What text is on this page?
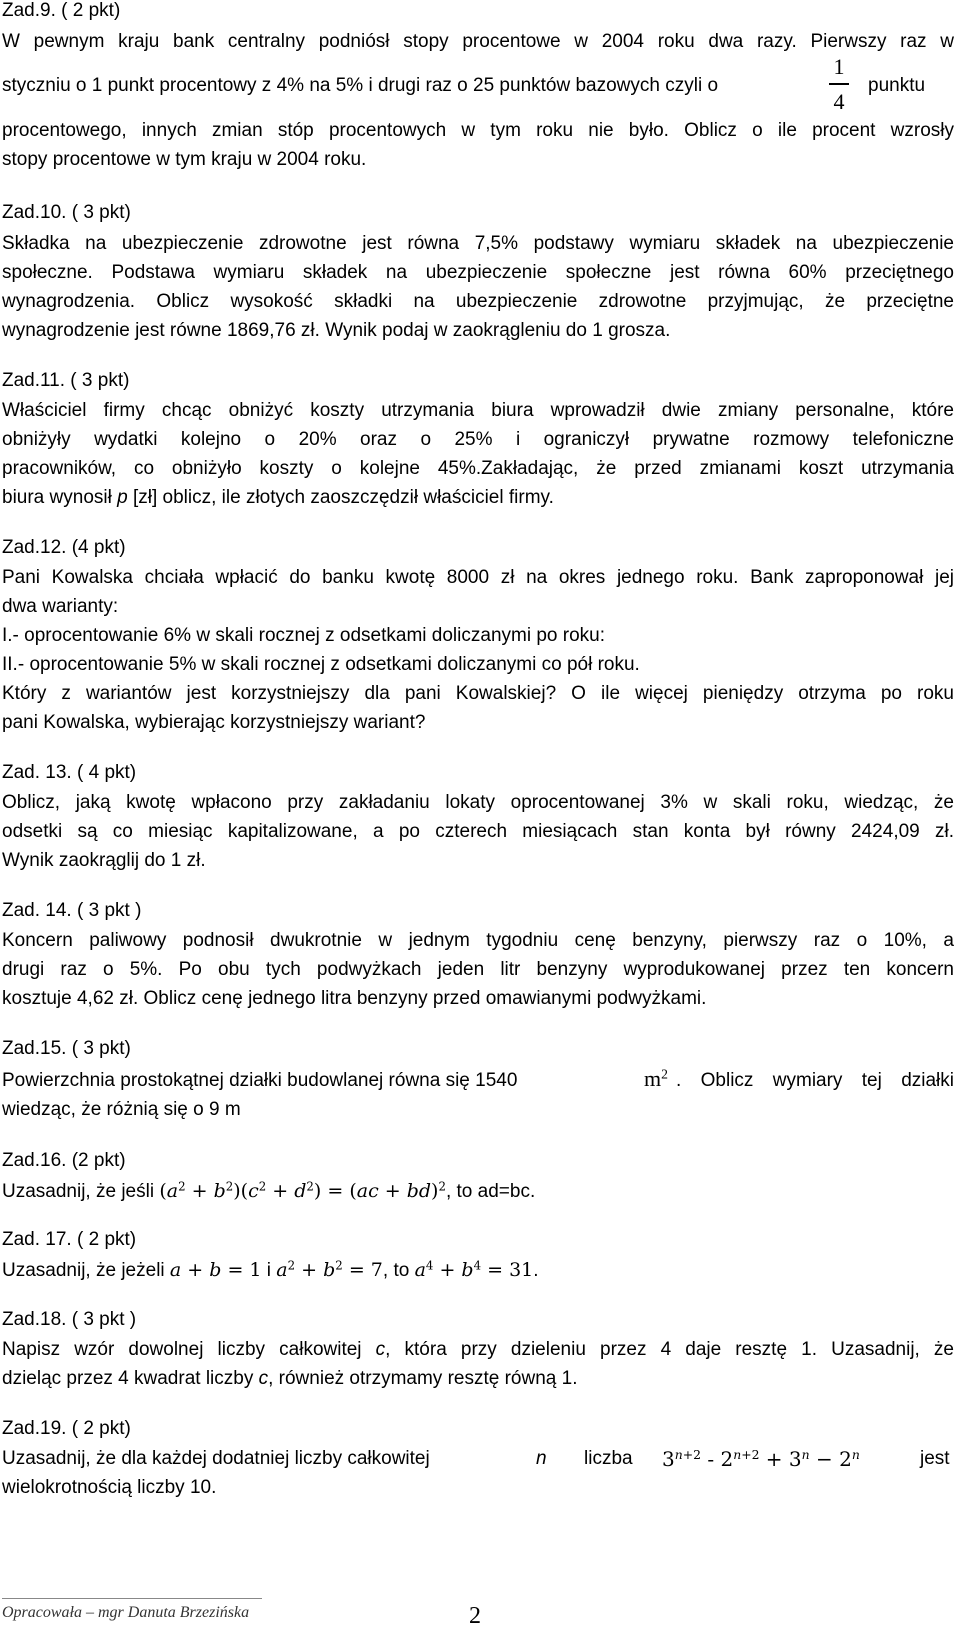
Zad.9. ( 2 pkt)
W pewnym kraju bank centralny podniósł stopy procentowe w 2004 roku dwa razy. Pierwszy raz w
styczniu o 1 punkt procentowy z 4% na 5% i drugi raz o 25 punktów bazowych czyli o
1
4
punktu
procentowego, innych zmian stóp procentowych w tym roku nie było. Oblicz o ile procent wzrosły
stopy procentowe w tym kraju w 2004 roku.
Zad.10. ( 3 pkt)
Składka na ubezpieczenie zdrowotne jest równa 7,5% podstawy wymiaru składek na ubezpieczenie
społeczne. Podstawa wymiaru składek na ubezpieczenie społeczne jest równa 60% przeciętnego
wynagrodzenia. Oblicz wysokość składki na ubezpieczenie zdrowotne przyjmując, że przeciętne
wynagrodzenie jest równe 1869,76 zł. Wynik podaj w zaokrągleniu do 1 grosza.
Zad.11. ( 3 pkt)
Właściciel firmy chcąc obniżyć koszty utrzymania biura wprowadził dwie zmiany personalne, które
obniżyły wydatki kolejno o 20% oraz o 25% i ograniczył prywatne rozmowy telefoniczne
pracowników, co obniżyło koszty o kolejne 45%.Zakładając, że przed zmianami koszt utrzymania
biura wynosił p [zł] oblicz, ile złotych zaoszczędził właściciel firmy.
Zad.12. (4 pkt)
Pani Kowalska chciała wpłacić do banku kwotę 8000 zł na okres jednego roku. Bank zaproponował jej
dwa warianty:
I.- oprocentowanie 6% w skali rocznej z odsetkami doliczanymi po roku:
II.- oprocentowanie 5% w skali rocznej z odsetkami doliczanymi co pół roku.
Który z wariantów jest korzystniejszy dla pani Kowalskiej? O ile więcej pieniędzy otrzyma po roku
pani Kowalska, wybierając korzystniejszy wariant?
Zad. 13. ( 4 pkt)
Oblicz, jaką kwotę wpłacono przy zakładaniu lokaty oprocentowanej 3% w skali roku, wiedząc, że
odsetki są co miesiąc kapitalizowane, a po czterech miesiącach stan konta był równy 2424,09 zł.
Wynik zaokrąglij do 1 zł.
Zad. 14. ( 3 pkt )
Koncern paliwowy podnosił dwukrotnie w jednym tygodniu cenę benzyny, pierwszy raz o 10%, a
drugi raz o 5%. Po obu tych podwyżkach jeden litr benzyny wyprodukowanej przez ten koncern
kosztuje 4,62 zł. Oblicz cenę jednego litra benzyny przed omawianymi podwyżkami.
Zad.15. ( 3 pkt)
Powierzchnia prostokątnej działki budowlanej równa się 1540	$m^2$ . Oblicz wymiary tej działki
wiedząc, że różnią się o 9 m
Zad.16. (2 pkt)
Uzasadnij, że jeśli $(a^2 + b^2)(c^2 + d^2) = (ac + bd)^2$, to ad=bc.
Zad. 17. ( 2 pkt)
Uzasadnij, że jeżeli a + b = 1 i $a^2 + b^2 = 7$, to $a^4 + b^4 = 31$.
Zad.18. ( 3 pkt )
Napisz wzór dowolnej liczby całkowitej c, która przy dzieleniu przez 4 daje resztę 1. Uzasadnij, że
dzieląc przez 4 kwadrat liczby c, również otrzymamy resztę równą 1.
Zad.19. ( 2 pkt)
Uzasadnij, że dla każdej dodatniej liczby całkowitej	n liczba $3^{n+2} - 2^{n+2} + 3^n - 2^n$	jest
wielokrotnością liczby 10.
Opracowała – mgr Danuta Brzezińska	2
